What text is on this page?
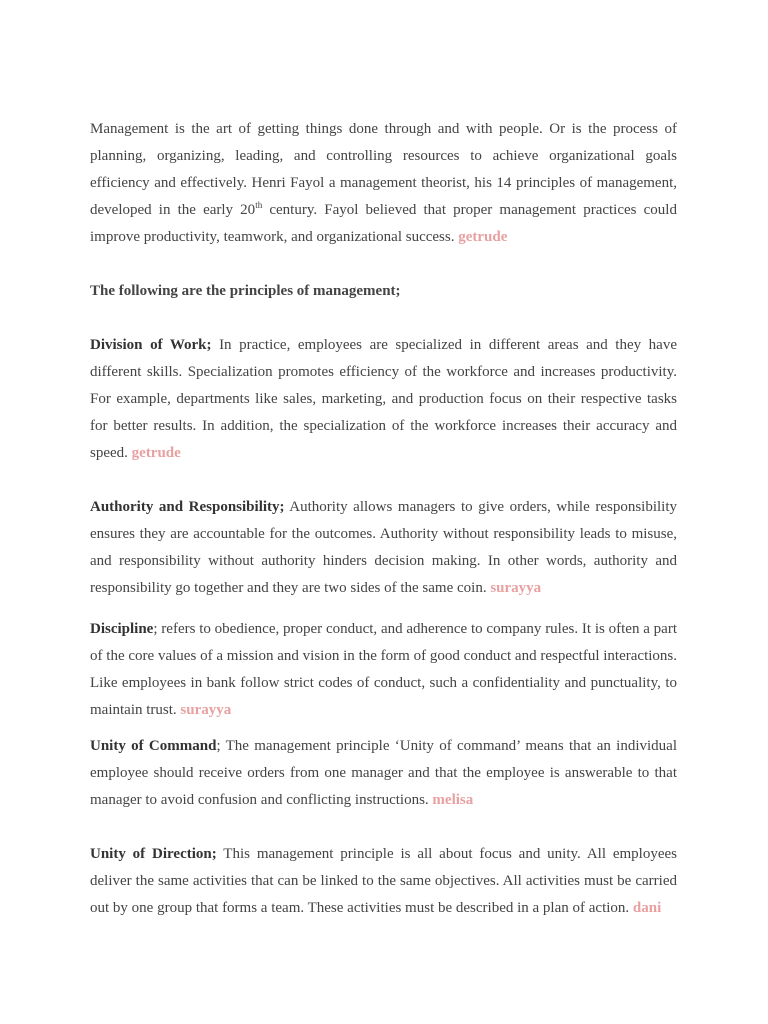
Management is the art of getting things done through and with people. Or is the process of planning, organizing, leading, and controlling resources to achieve organizational goals efficiency and effectively. Henri Fayol a management theorist, his 14 principles of management, developed in the early 20th century. Fayol believed that proper management practices could improve productivity, teamwork, and organizational success. getrude

The following are the principles of management;

Division of Work; In practice, employees are specialized in different areas and they have different skills. Specialization promotes efficiency of the workforce and increases productivity. For example, departments like sales, marketing, and production focus on their respective tasks for better results. In addition, the specialization of the workforce increases their accuracy and speed. getrude

Authority and Responsibility; Authority allows managers to give orders, while responsibility ensures they are accountable for the outcomes. Authority without responsibility leads to misuse, and responsibility without authority hinders decision making. In other words, authority and responsibility go together and they are two sides of the same coin. surayya

Discipline; refers to obedience, proper conduct, and adherence to company rules. It is often a part of the core values of a mission and vision in the form of good conduct and respectful interactions. Like employees in bank follow strict codes of conduct, such a confidentiality and punctuality, to maintain trust. surayya

Unity of Command; The management principle ‘Unity of command’ means that an individual employee should receive orders from one manager and that the employee is answerable to that manager to avoid confusion and conflicting instructions. melisa

Unity of Direction; This management principle is all about focus and unity. All employees deliver the same activities that can be linked to the same objectives. All activities must be carried out by one group that forms a team. These activities must be described in a plan of action. dani
